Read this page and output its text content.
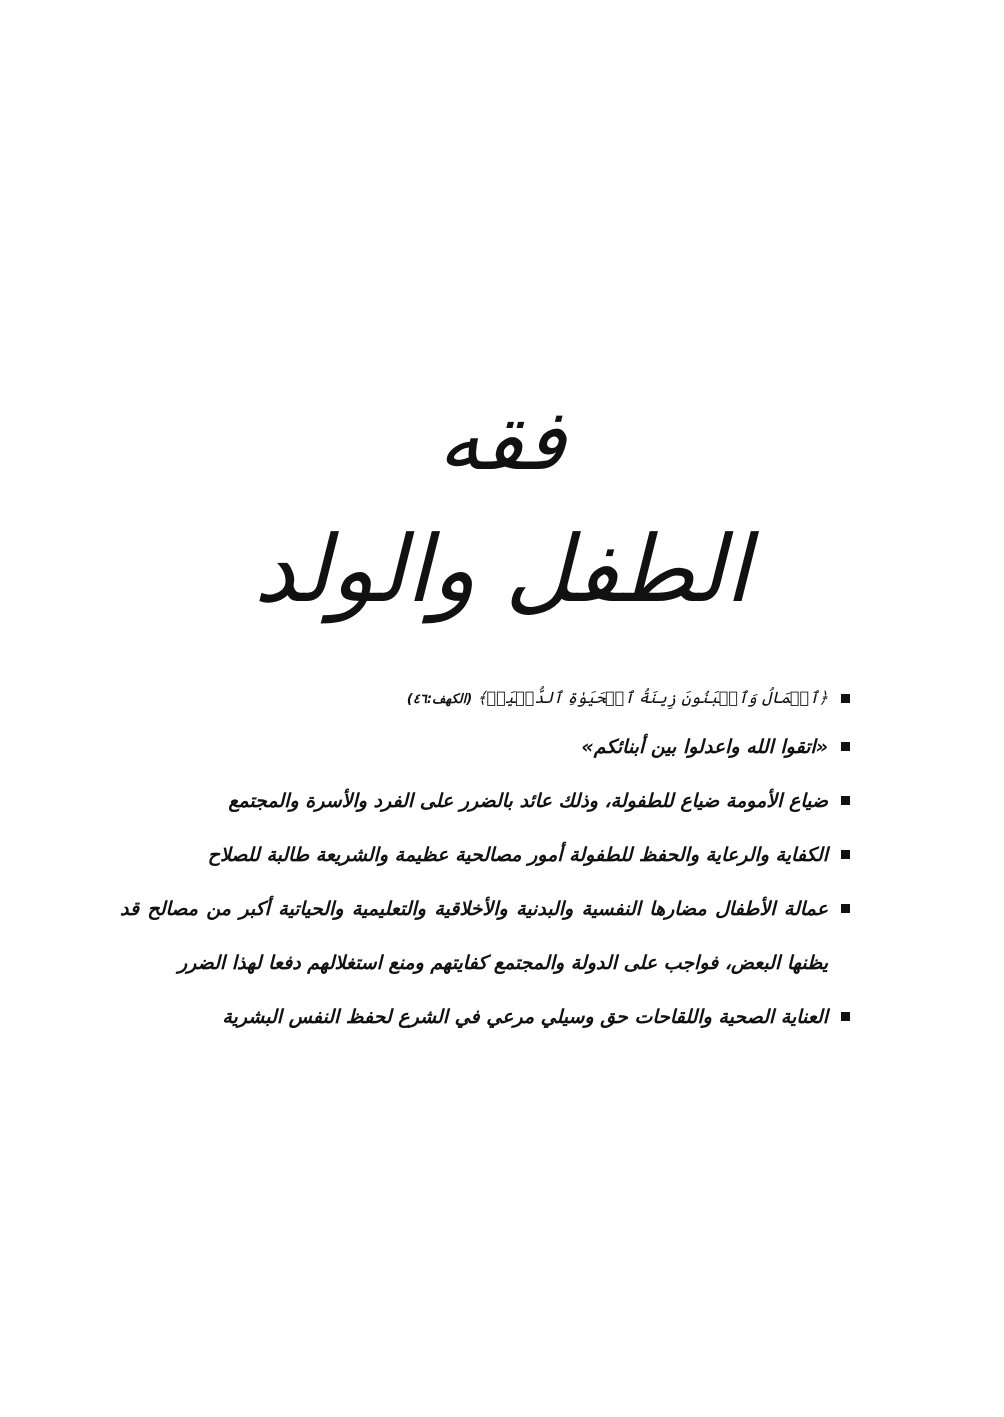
فقه
الطفل والولد
﴿ٱلۡمَالُ وَٱلۡبَنُونَ زِينَةُ ٱلۡحَيَوٰةِ ٱلدُّنۡيَاۖ﴾ (الكهف:٤٦)
«اتقوا الله واعدلوا بين أبنائكم»
ضياع الأمومة ضياع للطفولة، وذلك عائد بالضرر على الفرد والأسرة والمجتمع
الكفاية والرعاية والحفظ للطفولة أمور مصالحية عظيمة والشريعة طالبة للصلاح
عمالة الأطفال مضارها النفسية والبدنية والأخلاقية والتعليمية والحياتية أكبر من مصالح قد يظنها البعض، فواجب على الدولة والمجتمع كفايتهم ومنع استغلالهم دفعا لهذا الضرر
العناية الصحية واللقاحات حق وسيلي مرعي في الشرع لحفظ النفس البشرية
